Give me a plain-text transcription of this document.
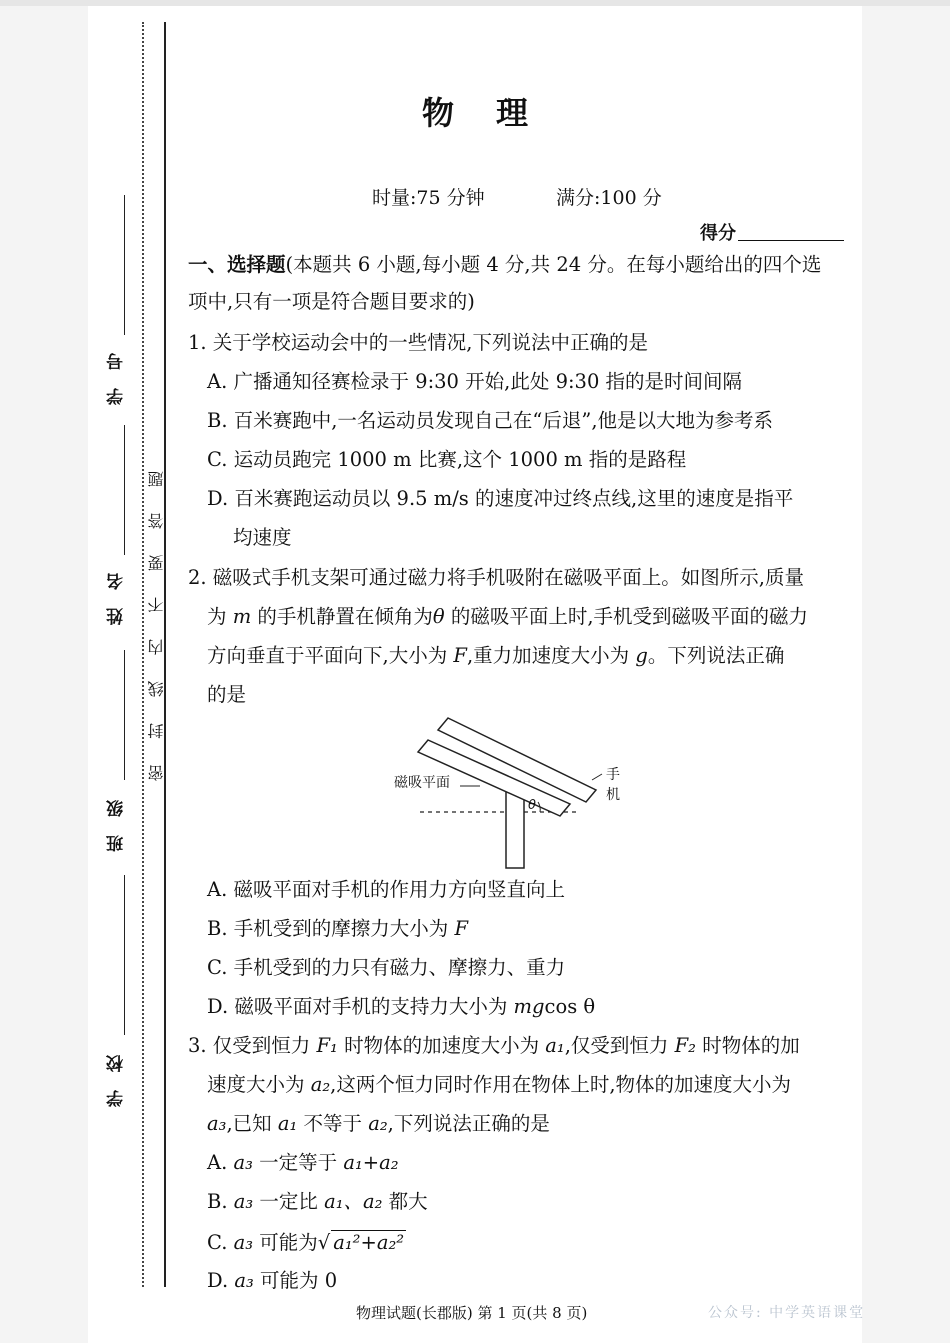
学号
姓名
班级
学校
密封线内不要答题
物理
时量:75 分钟	满分:100 分
得分
一、选择题(本题共 6 小题,每小题 4 分,共 24 分。在每小题给出的四个选
项中,只有一项是符合题目要求的)
1. 关于学校运动会中的一些情况,下列说法中正确的是
A. 广播通知径赛检录于 9:30 开始,此处 9:30 指的是时间间隔
B. 百米赛跑中,一名运动员发现自己在“后退”,他是以大地为参考系
C. 运动员跑完 1000 m 比赛,这个 1000 m 指的是路程
D. 百米赛跑运动员以 9.5 m/s 的速度冲过终点线,这里的速度是指平
均速度
2. 磁吸式手机支架可通过磁力将手机吸附在磁吸平面上。如图所示,质量
为 m 的手机静置在倾角为θ 的磁吸平面上时,手机受到磁吸平面的磁力
方向垂直于平面向下,大小为 F,重力加速度大小为 g。下列说法正确
的是
磁吸平面	手机
θ
A. 磁吸平面对手机的作用力方向竖直向上
B. 手机受到的摩擦力大小为 F
C. 手机受到的力只有磁力、摩擦力、重力
D. 磁吸平面对手机的支持力大小为 mgcos θ
3. 仅受到恒力 F₁ 时物体的加速度大小为 a₁,仅受到恒力 F₂ 时物体的加
速度大小为 a₂,这两个恒力同时作用在物体上时,物体的加速度大小为
a₃,已知 a₁ 不等于 a₂,下列说法正确的是
A. a₃ 一定等于 a₁+a₂
B. a₃ 一定比 a₁、a₂ 都大
C. a₃ 可能为√ a₁²+a₂²
D. a₃ 可能为 0
物理试题(长郡版) 第 1 页(共 8 页)	公众号: 中学英语课堂
